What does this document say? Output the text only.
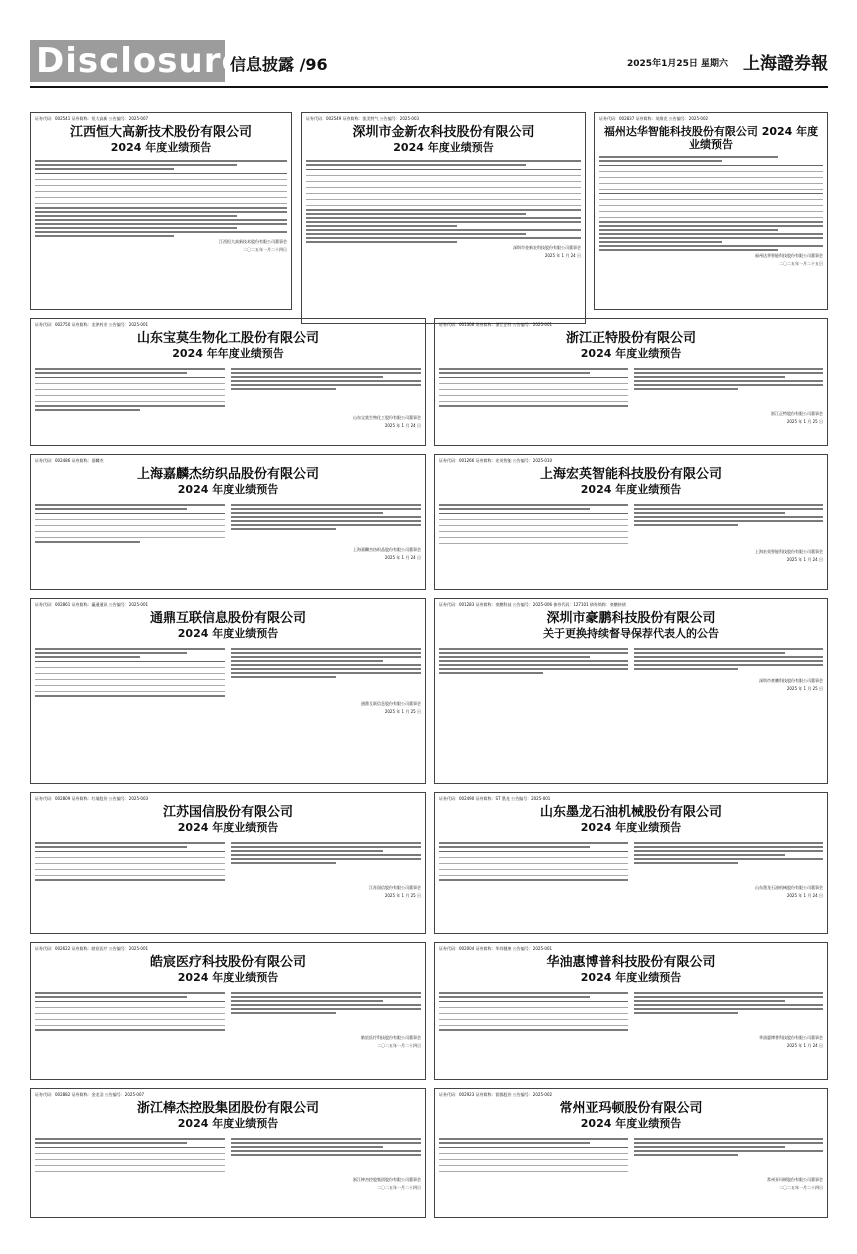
Disclosure
信息披露 /96	2025年1月25日 星期六 上海證券報
证券代码：002541 证券简称：恒大高新 公告编号：2025-007
江西恒大高新技术股份有限公司
2024 年度业绩预告
江西恒大高新技术股份有限公司董事会
二〇二五年一月二十四日
证券代码：002549 证券简称：凯美特气 公告编号：2025-003
深圳市金新农科技股份有限公司
2024 年度业绩预告
深圳市金新农科技股份有限公司董事会
2025 年 1 月 24 日
证券代码：002837 证券简称：英维克 公告编号：2025-002
福州达华智能科技股份有限公司 2024 年度业绩预告
福州达华智能科技股份有限公司董事会
二〇二五年一月二十五日
证券代码：002750 证券简称：龙津药业 公告编号：2025-001
山东宝莫生物化工股份有限公司
2024 年年度业绩预告
山东宝莫生物化工股份有限公司董事会
2025 年 1 月 24 日
证券代码：001306 证券简称：浙江正特 公告编号：2025-001
浙江正特股份有限公司
2024 年度业绩预告
浙江正特股份有限公司董事会
2025 年 1 月 25 日
证券代码：002486 证券简称：嘉麟杰
上海嘉麟杰纺织品股份有限公司
2024 年度业绩预告
上海嘉麟杰纺织品股份有限公司董事会
2025 年 1 月 24 日
证券代码：001266 证券简称：宏英智能 公告编号：2025-010
上海宏英智能科技股份有限公司
2024 年度业绩预告
上海宏英智能科技股份有限公司董事会
2025 年 1 月 24 日
证券代码：002861 证券简称：瀛通通讯 公告编号：2025-001
通鼎互联信息股份有限公司
2024 年度业绩预告
通鼎互联信息股份有限公司董事会
2025 年 1 月 25 日
证券代码：001283 证券简称：豪鹏科技 公告编号：2025-006 债券代码：127101 债券简称：豪鹏转债
深圳市豪鹏科技股份有限公司
关于更换持续督导保荐代表人的公告
深圳市豪鹏科技股份有限公司董事会
2025 年 1 月 25 日
证券代码：002809 证券简称：红墙股份 公告编号：2025-003
江苏国信股份有限公司
2024 年度业绩预告
江苏国信股份有限公司董事会
2025 年 1 月 25 日
证券代码：002490 证券简称：ST 墨龙 公告编号：2025-001
山东墨龙石油机械股份有限公司
2024 年度业绩预告
山东墨龙石油机械股份有限公司董事会
2025 年 1 月 24 日
证券代码：002622 证券简称：皓宸医疗 公告编号：2025-001
皓宸医疗科技股份有限公司
2024 年度业绩预告
皓宸医疗科技股份有限公司董事会
二〇二五年一月二十四日
证券代码：002004 证券简称：华邦健康 公告编号：2025-001
华油惠博普科技股份有限公司
2024 年度业绩预告
华油惠博普科技股份有限公司董事会
2025 年 1 月 24 日
证券代码：002882 证券简称：金龙羽 公告编号：2025-007
浙江棒杰控股集团股份有限公司
2024 年度业绩预告
浙江棒杰控股集团股份有限公司董事会
二〇二五年一月二十四日
证券代码：002923 证券简称：润都股份 公告编号：2025-002
常州亚玛顿股份有限公司
2024 年度业绩预告
常州亚玛顿股份有限公司董事会
二〇二五年一月二十四日
